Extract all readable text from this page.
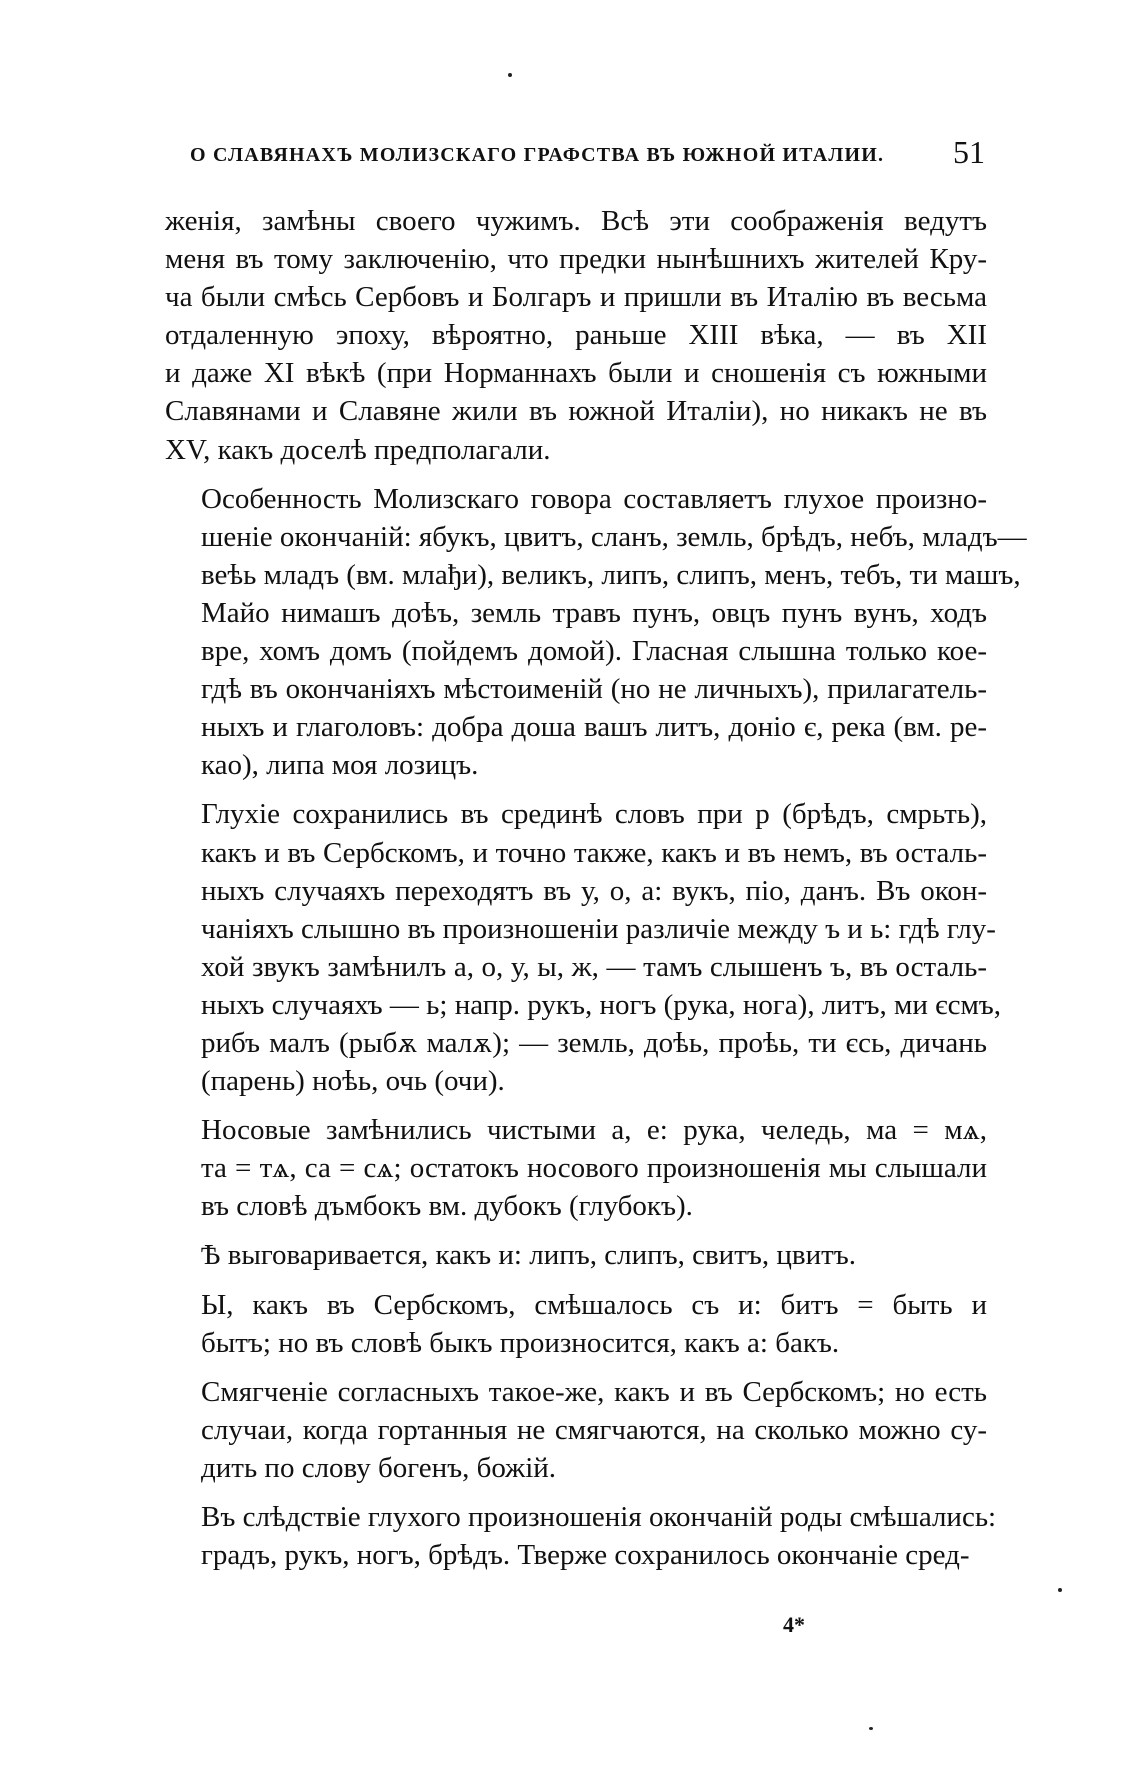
О СЛАВЯНАХЪ МОЛИЗСКАГО ГРАФСТВА ВЪ ЮЖНОЙ ИТАЛИИ. 51

женія, замѣны своего чужимъ. Всѣ эти соображенія ведутъ
меня въ тому заключенію, что предки нынѣшнихъ жителей Кру-
ча были смѣсь Сербовъ и Болгаръ и пришли въ Италію въ весьма
отдаленную эпоху, вѣроятно, раньше XIII вѣка, — въ XII
и даже XI вѣкѣ (при Норманнахъ были и сношенія съ южными
Славянами и Славяне жили въ южной Италіи), но никакъ не въ
XV, какъ доселѣ предполагали.

Особенность Молизскаго говора составляетъ глухое произно-
шеніе окончаній: ябукъ, цвитъ, сланъ, земль, брѣдъ, небъ, младъ—
веѣь младъ (вм. млађи), великъ, липъ, слипъ, менъ, тебъ, ти машъ,
Майо нимашъ доѣъ, земль травъ пунъ, овцъ пунъ вунъ, ходъ
вре, хомъ домъ (пойдемъ домой). Гласная слышна только кое-
гдѣ въ окончаніяхъ мѣстоименій (но не личныхъ), прилагатель-
ныхъ и глаголовъ: добра доша вашъ литъ, доніо є, река (вм. ре-
као), липа моя лозицъ.

Глухіе сохранились въ срединѣ словъ при р (брѣдъ, смрьть),
какъ и въ Сербскомъ, и точно также, какъ и въ немъ, въ осталь-
ныхъ случаяхъ переходятъ въ у, о, а: вукъ, піо, данъ. Въ окон-
чаніяхъ слышно въ произношеніи различіе между ъ и ь: гдѣ глу-
хой звукъ замѣнилъ а, о, у, ы, ж, — тамъ слышенъ ъ, въ осталь-
ныхъ случаяхъ — ь; напр. рукъ, ногъ (рука, нога), литъ, ми єсмъ,
рибъ малъ (рыбѫ малѫ); — земль, доѣь, проѣь, ти єсь, дичань
(парень) ноѣь, очь (очи).

Носовые замѣнились чистыми а, е: рука, челедь, ма = мѧ,
та = тѧ, са = сѧ; остатокъ носового произношенія мы слышали
въ словѣ дъмбокъ вм. дубокъ (глубокъ).

Ѣ выговаривается, какъ и: липъ, слипъ, свитъ, цвитъ.

Ы, какъ въ Сербскомъ, смѣшалось съ и: битъ = быть и
бытъ; но въ словѣ быкъ произносится, какъ а: бакъ.

Смягченіе согласныхъ такое-же, какъ и въ Сербскомъ; но есть
случаи, когда гортанныя не смягчаются, на сколько можно су-
дить по слову богенъ, божій.

Въ слѣдствіе глухого произношенія окончаній роды смѣшались:
градъ, рукъ, ногъ, брѣдъ. Тверже сохранилось окончаніе сред-

4*
